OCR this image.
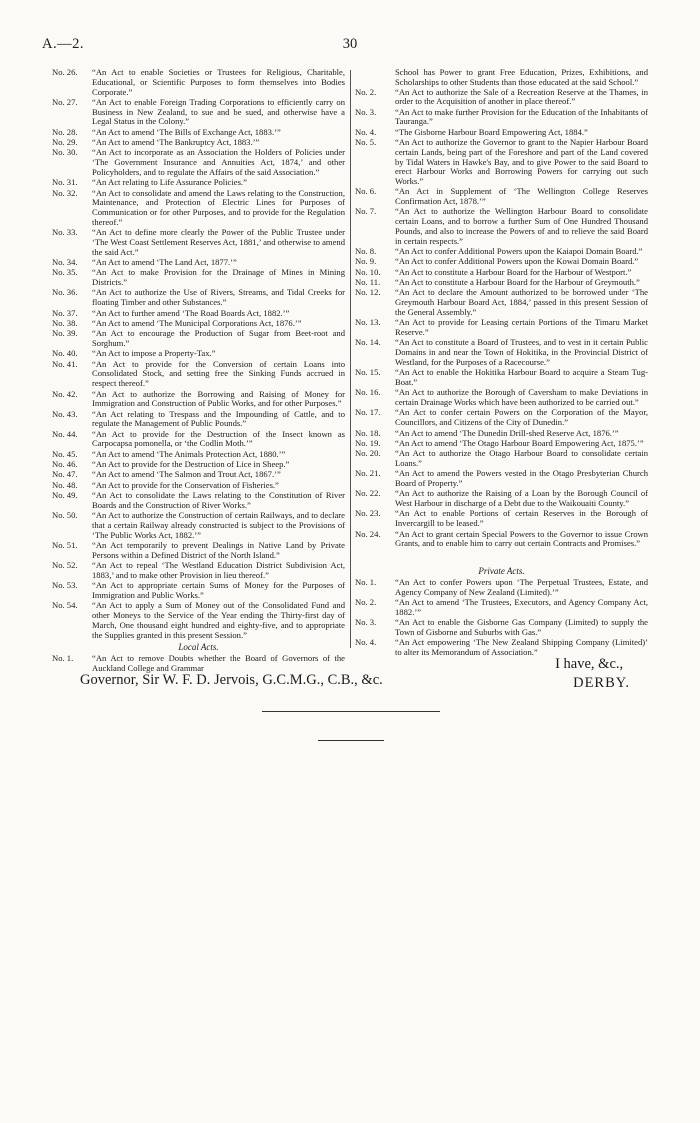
A.—2.	30
No. 26.	“An Act to enable Societies or Trustees for Religious, Charitable, Educational, or Scientific Purposes to form themselves into Bodies Corporate.”
No. 27.	“An Act to enable Foreign Trading Corporations to efficiently carry on Business in New Zealand, to sue and be sued, and otherwise have a Legal Status in the Colony.”
No. 28.	“An Act to amend ‘The Bills of Exchange Act, 1883.’”
No. 29.	“An Act to amend ‘The Bankruptcy Act, 1883.’”
No. 30.	“An Act to incorporate as an Association the Holders of Policies under ‘The Government Insurance and Annuities Act, 1874,’ and other Policyholders, and to regulate the Affairs of the said Association.”
No. 31.	“An Act relating to Life Assurance Policies.”
No. 32.	“An Act to consolidate and amend the Laws relating to the Construction, Maintenance, and Protection of Electric Lines for Purposes of Communication or for other Purposes, and to provide for the Regulation thereof.”
No. 33.	“An Act to define more clearly the Power of the Public Trustee under ‘The West Coast Settlement Reserves Act, 1881,’ and otherwise to amend the said Act.”
No. 34.	“An Act to amend ‘The Land Act, 1877.’”
No. 35.	“An Act to make Provision for the Drainage of Mines in Mining Districts.”
No. 36.	“An Act to authorize the Use of Rivers, Streams, and Tidal Creeks for floating Timber and other Substances.”
No. 37.	“An Act to further amend ‘The Road Boards Act, 1882.’”
No. 38.	“An Act to amend ‘The Municipal Corporations Act, 1876.’”
No. 39.	“An Act to encourage the Production of Sugar from Beet-root and Sorghum.”
No. 40.	“An Act to impose a Property-Tax.”
No. 41.	“An Act to provide for the Conversion of certain Loans into Consolidated Stock, and setting free the Sinking Funds accrued in respect thereof.”
No. 42.	“An Act to authorize the Borrowing and Raising of Money for Immigration and Construction of Public Works, and for other Purposes.”
No. 43.	“An Act relating to Trespass and the Impounding of Cattle, and to regulate the Management of Public Pounds.”
No. 44.	“An Act to provide for the Destruction of the Insect known as Carpocapsa pomonella, or ‘the Codlin Moth.’”
No. 45.	“An Act to amend ‘The Animals Protection Act, 1880.’”
No. 46.	“An Act to provide for the Destruction of Lice in Sheep.”
No. 47.	“An Act to amend ‘The Salmon and Trout Act, 1867.’”
No. 48.	“An Act to provide for the Conservation of Fisheries.”
No. 49.	“An Act to consolidate the Laws relating to the Constitution of River Boards and the Construction of River Works.”
No. 50.	“An Act to authorize the Construction of certain Railways, and to declare that a certain Railway already constructed is subject to the Provisions of ‘The Public Works Act, 1882.’”
No. 51.	“An Act temporarily to prevent Dealings in Native Land by Private Persons within a Defined District of the North Island.”
No. 52.	“An Act to repeal ‘The Westland Education District Subdivision Act, 1883,’ and to make other Provision in lieu thereof.”
No. 53.	“An Act to appropriate certain Sums of Money for the Purposes of Immigration and Public Works.”
No. 54.	“An Act to apply a Sum of Money out of the Consolidated Fund and other Moneys to the Service of the Year ending the Thirty-first day of March, One thousand eight hundred and eighty-five, and to appropriate the Supplies granted in this present Session.”
Local Acts.
No. 1.	“An Act to remove Doubts whether the Board of Governors of the Auckland College and Grammar
School has Power to grant Free Education, Prizes, Exhibitions, and Scholarships to other Students than those educated at the said School.”
No. 2.	“An Act to authorize the Sale of a Recreation Reserve at the Thames, in order to the Acquisition of another in place thereof.”
No. 3.	“An Act to make further Provision for the Education of the Inhabitants of Tauranga.”
No. 4.	“The Gisborne Harbour Board Empowering Act, 1884.”
No. 5.	“An Act to authorize the Governor to grant to the Napier Harbour Board certain Lands, being part of the Foreshore and part of the Land covered by Tidal Waters in Hawke's Bay, and to give Power to the said Board to erect Harbour Works and Borrowing Powers for carrying out such Works.”
No. 6.	“An Act in Supplement of ‘The Wellington College Reserves Confirmation Act, 1878.’”
No. 7.	“An Act to authorize the Wellington Harbour Board to consolidate certain Loans, and to borrow a further Sum of One Hundred Thousand Pounds, and also to increase the Powers of and to relieve the said Board in certain respects.”
No. 8.	“An Act to confer Additional Powers upon the Kaiapoi Domain Board.”
No. 9.	“An Act to confer Additional Powers upon the Kowai Domain Board.”
No. 10.	“An Act to constitute a Harbour Board for the Harbour of Westport.”
No. 11.	“An Act to constitute a Harbour Board for the Harbour of Greymouth.”
No. 12.	“An Act to declare the Amount authorized to be borrowed under ‘The Greymouth Harbour Board Act, 1884,’ passed in this present Session of the General Assembly.”
No. 13.	“An Act to provide for Leasing certain Portions of the Timaru Market Reserve.”
No. 14.	“An Act to constitute a Board of Trustees, and to vest in it certain Public Domains in and near the Town of Hokitika, in the Provincial District of Westland, for the Purposes of a Racecourse.”
No. 15.	“An Act to enable the Hokitika Harbour Board to acquire a Steam Tug-Boat.”
No. 16.	“An Act to authorize the Borough of Caversham to make Deviations in certain Drainage Works which have been authorized to be carried out.”
No. 17.	“An Act to confer certain Powers on the Corporation of the Mayor, Councillors, and Citizens of the City of Dunedin.”
No. 18.	“An Act to amend ‘The Dunedin Drill-shed Reserve Act, 1876.’”
No. 19.	“An Act to amend ‘The Otago Harbour Board Empowering Act, 1875.’”
No. 20.	“An Act to authorize the Otago Harbour Board to consolidate certain Loans.”
No. 21.	“An Act to amend the Powers vested in the Otago Presbyterian Church Board of Property.”
No. 22.	“An Act to authorize the Raising of a Loan by the Borough Council of West Harbour in discharge of a Debt due to the Waikouaiti County.”
No. 23.	“An Act to enable Portions of certain Reserves in the Borough of Invercargill to be leased.”
No. 24.	“An Act to grant certain Special Powers to the Governor to issue Crown Grants, and to enable him to carry out certain Contracts and Promises.”
Private Acts.
No. 1.	“An Act to confer Powers upon ‘The Perpetual Trustees, Estate, and Agency Company of New Zealand (Limited).’”
No. 2.	“An Act to amend ‘The Trustees, Executors, and Agency Company Act, 1882.’”
No. 3.	“An Act to enable the Gisborne Gas Company (Limited) to supply the Town of Gisborne and Suburbs with Gas.”
No. 4.	“An Act empowering ‘The New Zealand Shipping Company (Limited)’ to alter its Memorandum of Association.”
I have, &c.,
DERBY.
Governor, Sir W. F. D. Jervois, G.C.M.G., C.B., &c.
